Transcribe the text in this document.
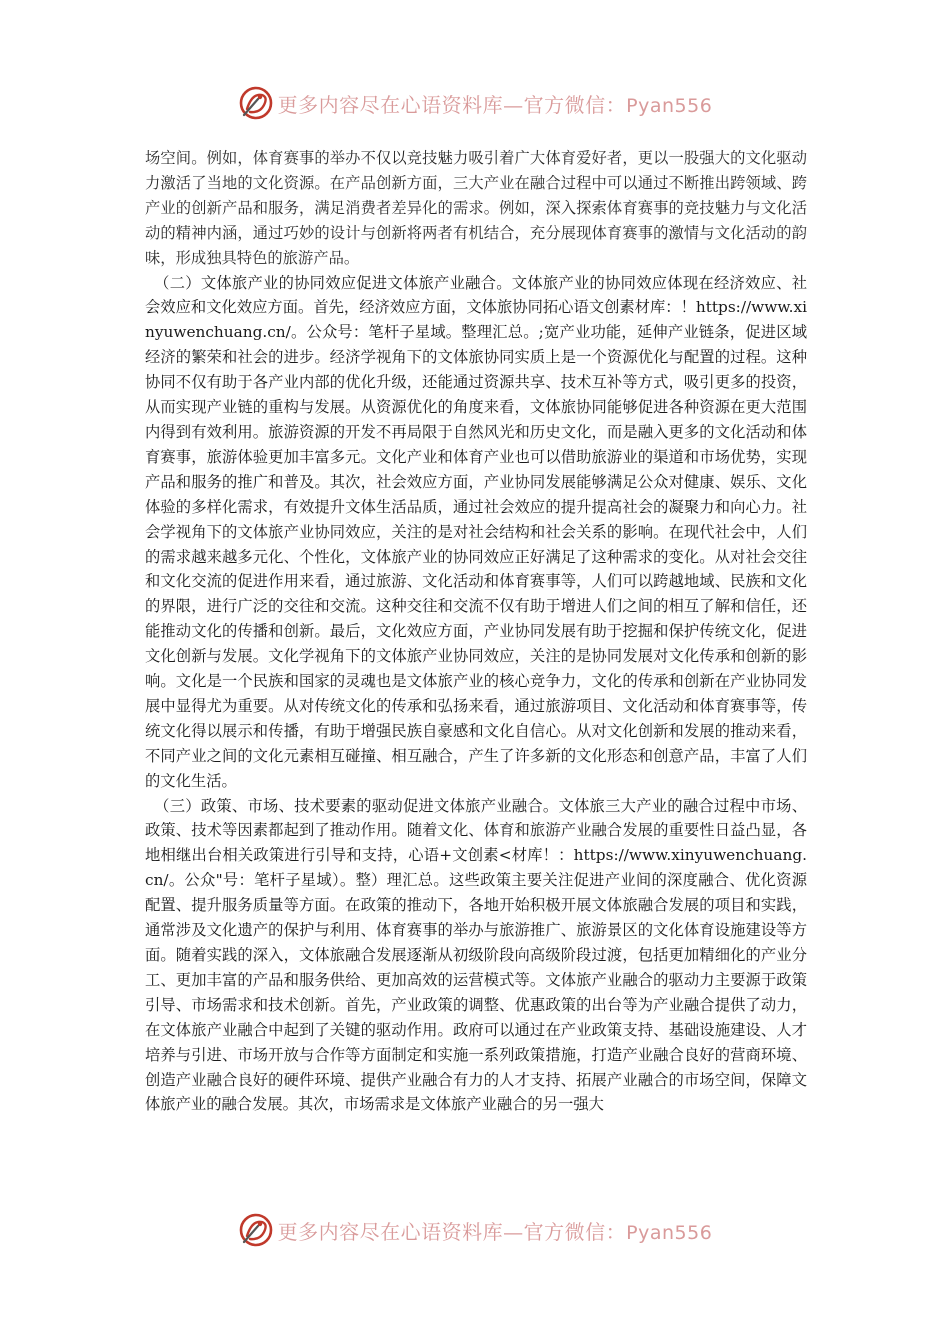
更多内容尽在心语资料库—官方微信：Pyan556

场空间。例如，体育赛事的举办不仅以竞技魅力吸引着广大体育爱好者，更以一股强大的文化驱动力激活了当地的文化资源。在产品创新方面，三大产业在融合过程中可以通过不断推出跨领域、跨产业的创新产品和服务，满足消费者差异化的需求。例如，深入探索体育赛事的竞技魅力与文化活动的精神内涵，通过巧妙的设计与创新将两者有机结合，充分展现体育赛事的激情与文化活动的韵味，形成独具特色的旅游产品。

（二）文体旅产业的协同效应促进文体旅产业融合。文体旅产业的协同效应体现在经济效应、社会效应和文化效应方面。首先，经济效应方面，文体旅协同拓心语文创素材库：！https://www.xinyuwenchuang.cn/。公众号：笔杆子星域。整理汇总。;宽产业功能，延伸产业链条，促进区域经济的繁荣和社会的进步。经济学视角下的文体旅协同实质上是一个资源优化与配置的过程。这种协同不仅有助于各产业内部的优化升级，还能通过资源共享、技术互补等方式，吸引更多的投资，从而实现产业链的重构与发展。从资源优化的角度来看，文体旅协同能够促进各种资源在更大范围内得到有效利用。旅游资源的开发不再局限于自然风光和历史文化，而是融入更多的文化活动和体育赛事，旅游体验更加丰富多元。文化产业和体育产业也可以借助旅游业的渠道和市场优势，实现产品和服务的推广和普及。其次，社会效应方面，产业协同发展能够满足公众对健康、娱乐、文化体验的多样化需求，有效提升文体生活品质，通过社会效应的提升提高社会的凝聚力和向心力。社会学视角下的文体旅产业协同效应，关注的是对社会结构和社会关系的影响。在现代社会中，人们的需求越来越多元化、个性化，文体旅产业的协同效应正好满足了这种需求的变化。从对社会交往和文化交流的促进作用来看，通过旅游、文化活动和体育赛事等，人们可以跨越地域、民族和文化的界限，进行广泛的交往和交流。这种交往和交流不仅有助于增进人们之间的相互了解和信任，还能推动文化的传播和创新。最后，文化效应方面，产业协同发展有助于挖掘和保护传统文化，促进文化创新与发展。文化学视角下的文体旅产业协同效应，关注的是协同发展对文化传承和创新的影响。文化是一个民族和国家的灵魂也是文体旅产业的核心竞争力，文化的传承和创新在产业协同发展中显得尤为重要。从对传统文化的传承和弘扬来看，通过旅游项目、文化活动和体育赛事等，传统文化得以展示和传播，有助于增强民族自豪感和文化自信心。从对文化创新和发展的推动来看，不同产业之间的文化元素相互碰撞、相互融合，产生了许多新的文化形态和创意产品，丰富了人们的文化生活。

（三）政策、市场、技术要素的驱动促进文体旅产业融合。文体旅三大产业的融合过程中市场、政策、技术等因素都起到了推动作用。随着文化、体育和旅游产业融合发展的重要性日益凸显，各地相继出台相关政策进行引导和支持，心语+文创素<材库！：https://www.xinyuwenchuang.cn/。公众"号：笔杆子星域）。整）理汇总。这些政策主要关注促进产业间的深度融合、优化资源配置、提升服务质量等方面。在政策的推动下，各地开始积极开展文体旅融合发展的项目和实践，通常涉及文化遗产的保护与利用、体育赛事的举办与旅游推广、旅游景区的文化体育设施建设等方面。随着实践的深入，文体旅融合发展逐渐从初级阶段向高级阶段过渡，包括更加精细化的产业分工、更加丰富的产品和服务供给、更加高效的运营模式等。文体旅产业融合的驱动力主要源于政策引导、市场需求和技术创新。首先，产业政策的调整、优惠政策的出台等为产业融合提供了动力，在文体旅产业融合中起到了关键的驱动作用。政府可以通过在产业政策支持、基础设施建设、人才培养与引进、市场开放与合作等方面制定和实施一系列政策措施，打造产业融合良好的营商环境、创造产业融合良好的硬件环境、提供产业融合有力的人才支持、拓展产业融合的市场空间，保障文体旅产业的融合发展。其次，市场需求是文体旅产业融合的另一强大

更多内容尽在心语资料库—官方微信：Pyan556
